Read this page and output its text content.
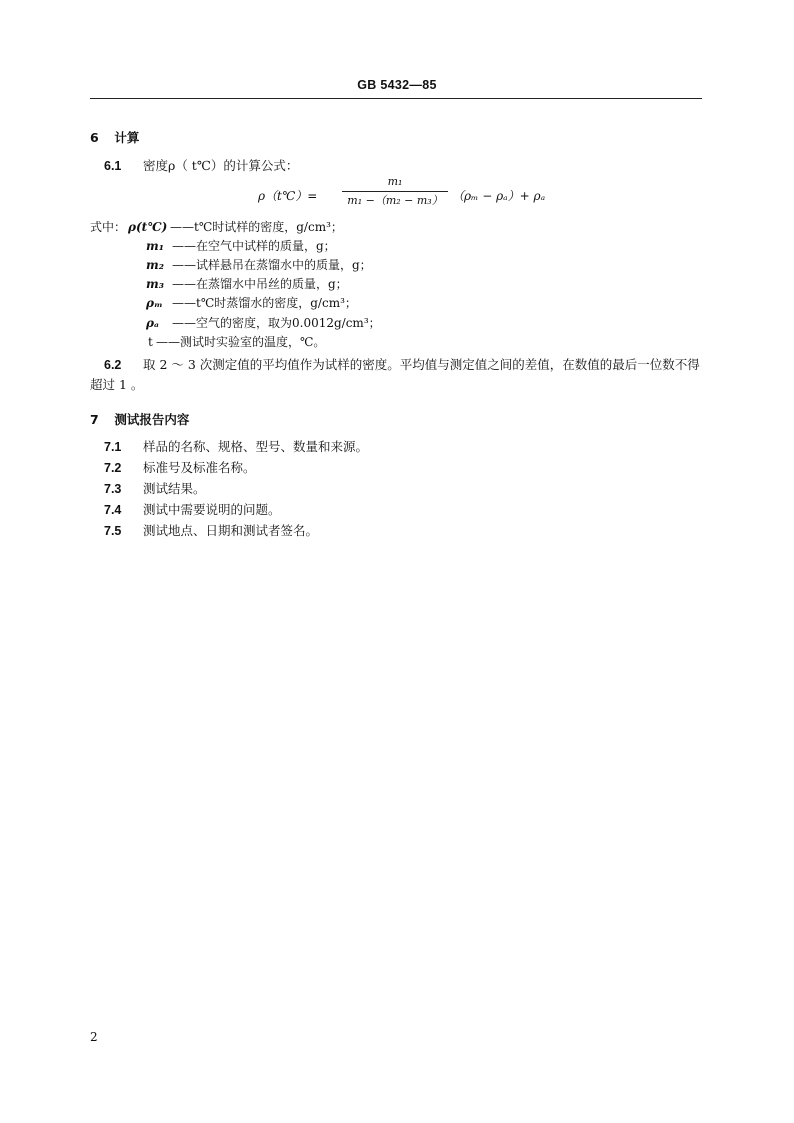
GB 5432—85
6 计算
6.1 密度ρ（ t℃）的计算公式：
ρ（t℃）=
m₁
m₁ −（m₂ − m₃） （ρₘ − ρₐ）+ ρₐ
式中： ρ(t℃) ——t℃时试样的密度，g/cm³；
m₁ ——在空气中试样的质量，g；
m₂ ——试样悬吊在蒸馏水中的质量，g；
m₃ ——在蒸馏水中吊丝的质量，g；
ρₘ ——t℃时蒸馏水的密度，g/cm³；
ρₐ ——空气的密度，取为0.0012g/cm³；
t ——测试时实验室的温度，℃。
6.2 取 2 ～ 3 次测定值的平均值作为试样的密度。平均值与测定值之间的差值，在数值的最后一位数不得超过 1 。
7 测试报告内容
7.1 样品的名称、规格、型号、数量和来源。
7.2 标准号及标准名称。
7.3 测试结果。
7.4 测试中需要说明的问题。
7.5 测试地点、日期和测试者签名。
2
